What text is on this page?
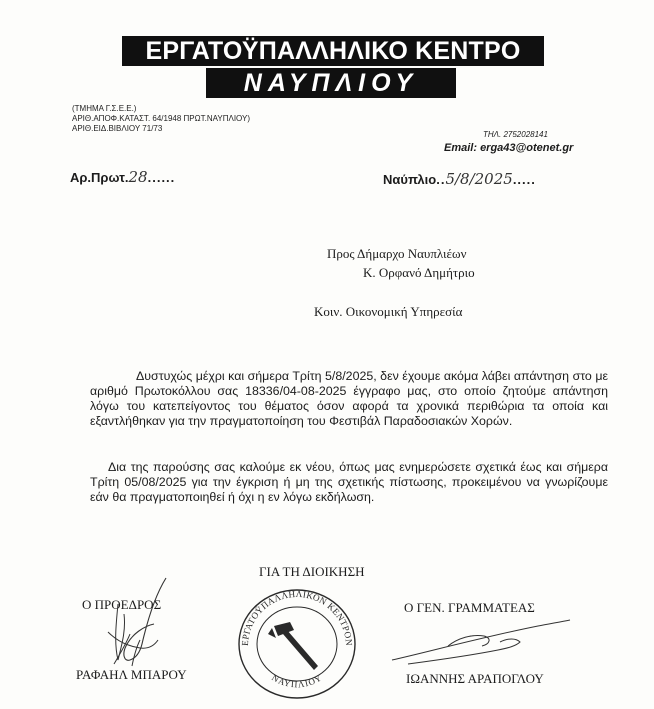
ΕΡΓΑΤΟΫΠΑΛΛΗΛΙΚΟ ΚΕΝΤΡΟ
ΝΑΥΠΛΙΟΥ
(ΤΜΗΜΑ Γ.Σ.Ε.Ε.)
ΑΡΙΘ.ΑΠΟΦ.ΚΑΤΑΣΤ. 64/1948 ΠΡΩΤ.ΝΑΥΠΛΙΟΥ)
ΑΡΙΘ.ΕΙΔ.ΒΙΒΛΙΟΥ 71/73
ΤΗΛ. 2752028141
Email: erga43@otenet.gr
Αρ.Πρωτ.28......	Ναύπλιο..5/8/2025.....
Προς Δήμαρχο Ναυπλιέων
Κ. Ορφανό Δημήτριο
Κοιν. Οικονομική Υπηρεσία
Δυστυχώς μέχρι και σήμερα Τρίτη 5/8/2025, δεν έχουμε ακόμα λάβει απάντηση στο με αριθμό Πρωτοκόλλου σας 18336/04-08-2025 έγγραφο μας, στο οποίο ζητούμε απάντηση λόγω του κατεπείγοντος του θέματος όσον αφορά τα χρονικά περιθώρια τα οποία και εξαντλήθηκαν για την πραγματοποίηση του Φεστιβάλ Παραδοσιακών Χορών.
Δια της παρούσης σας καλούμε εκ νέου, όπως μας ενημερώσετε σχετικά έως και σήμερα Τρίτη 05/08/2025 για την έγκριση ή μη της σχετικής πίστωσης, προκειμένου να γνωρίζουμε εάν θα πραγματοποιηθεί ή όχι η εν λόγω εκδήλωση.
ΓΙΑ ΤΗ ΔΙΟΙΚΗΣΗ
Ο ΠΡΟΕΔΡΟΣ
ΡΑΦΑΗΛ ΜΠΑΡΟΥ
Ο ΓΕΝ. ΓΡΑΜΜΑΤΕΑΣ
ΙΩΑΝΝΗΣ ΑΡΑΠΟΓΛΟΥ
ΕΡΓΑΤΟΫΠΑΛΛΗΛΙΚΟΝ ΚΕΝΤΡΟΝ
ΝΑΥΠΛΙΟΥ
